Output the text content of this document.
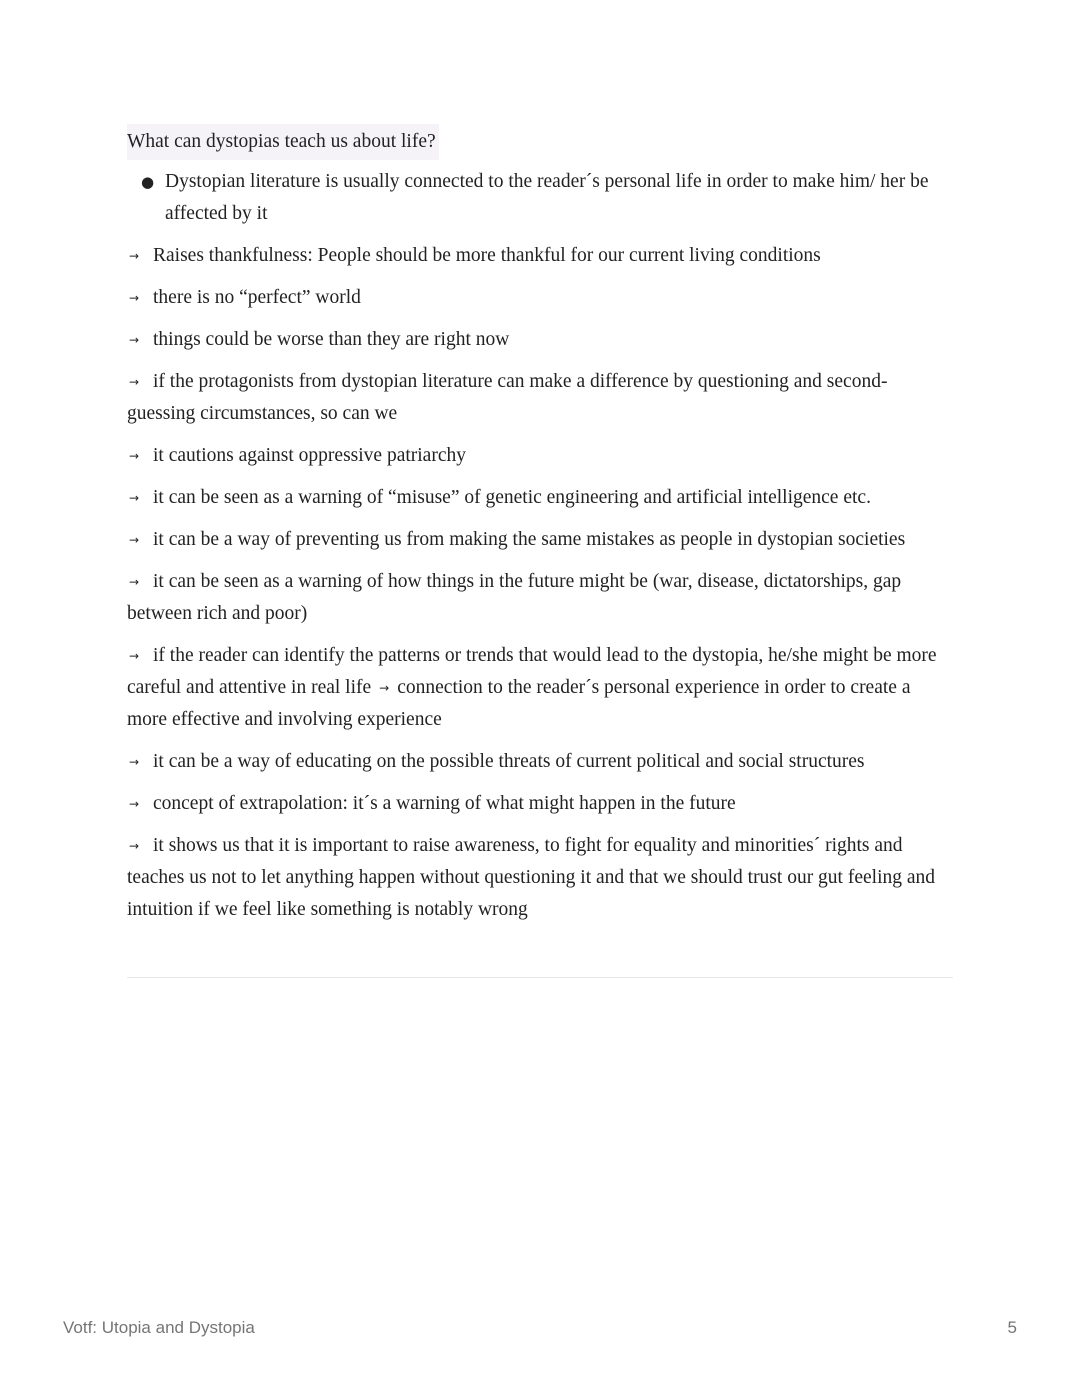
What can dystopias teach us about life?
● Dystopian literature is usually connected to the reader´s personal life in order to make him/ her be affected by it

→ Raises thankfulness: People should be more thankful for our current living conditions

→ there is no “perfect” world

→ things could be worse than they are right now

→ if the protagonists from dystopian literature can make a difference by questioning and second-guessing circumstances, so can we

→ it cautions against oppressive patriarchy

→ it can be seen as a warning of “misuse” of genetic engineering and artificial intelligence etc.

→ it can be a way of preventing us from making the same mistakes as people in dystopian societies

→ it can be seen as a warning of how things in the future might be (war, disease, dictatorships, gap between rich and poor)

→ if the reader can identify the patterns or trends that would lead to the dystopia, he/she might be more careful and attentive in real life → connection to the reader´s personal experience in order to create a more effective and involving experience

→ it can be a way of educating on the possible threats of current political and social structures

→ concept of extrapolation: it´s a warning of what might happen in the future

→ it shows us that it is important to raise awareness, to fight for equality and minorities´ rights and teaches us not to let anything happen without questioning it and that we should trust our gut feeling and intuition if we feel like something is notably wrong

Votf: Utopia and Dystopia	5
